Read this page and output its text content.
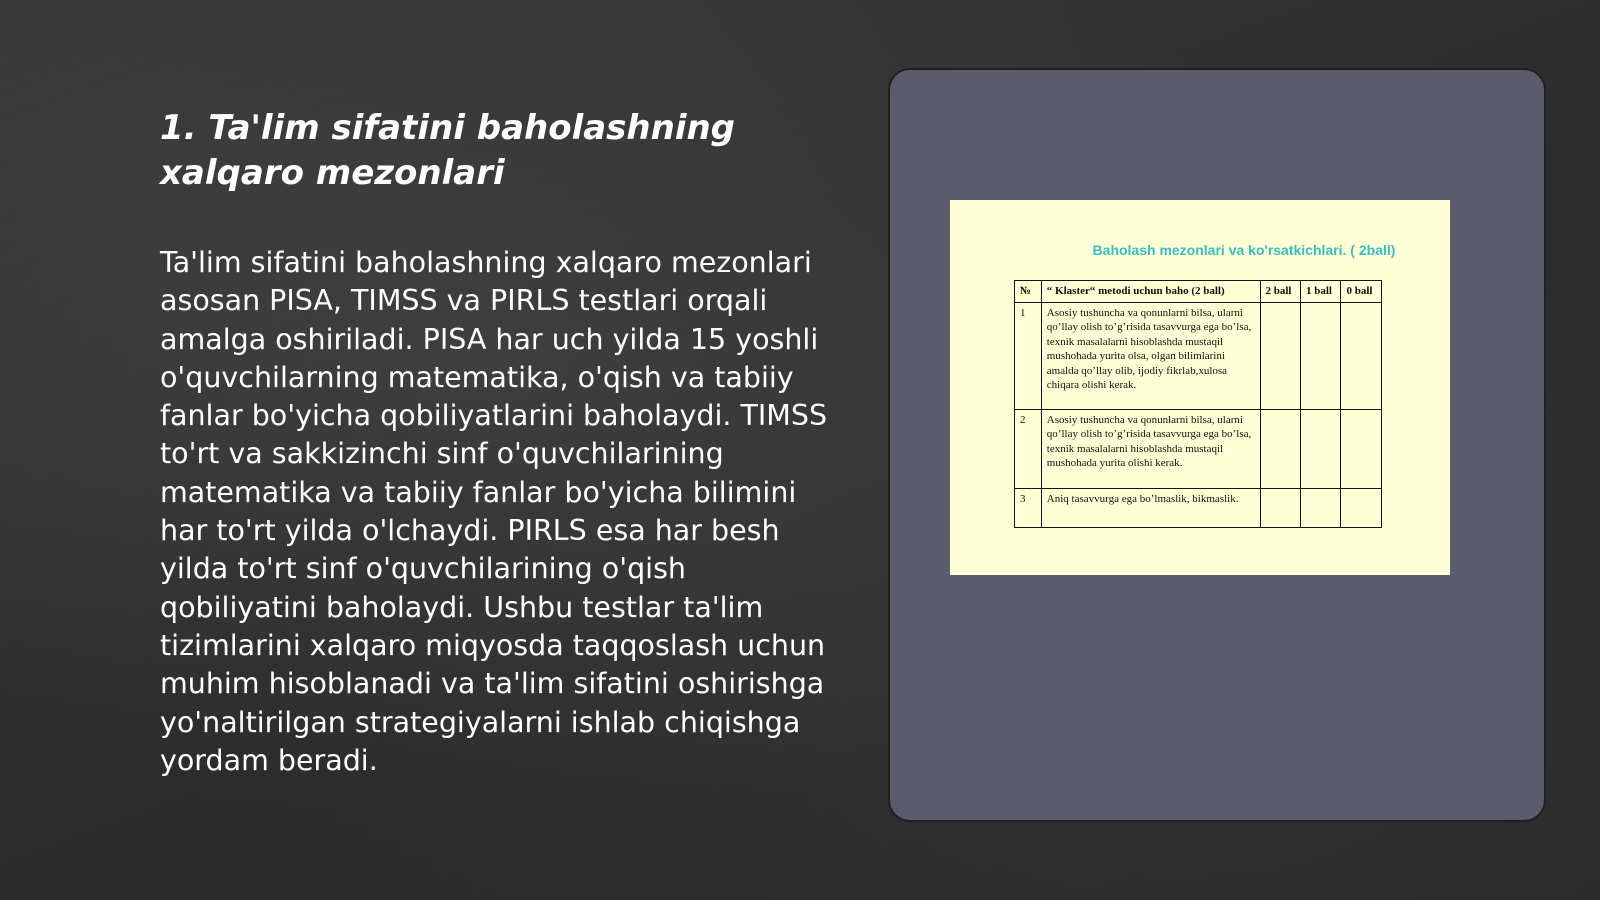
1. Ta'lim sifatini baholashning xalqaro mezonlari

Ta'lim sifatini baholashning xalqaro mezonlari asosan PISA, TIMSS va PIRLS testlari orqali amalga oshiriladi. PISA har uch yilda 15 yoshli o'quvchilarning matematika, o'qish va tabiiy fanlar bo'yicha qobiliyatlarini baholaydi. TIMSS to'rt va sakkizinchi sinf o'quvchilarining matematika va tabiiy fanlar bo'yicha bilimini har to'rt yilda o'lchaydi. PIRLS esa har besh yilda to'rt sinf o'quvchilarining o'qish qobiliyatini baholaydi. Ushbu testlar ta'lim tizimlarini xalqaro miqyosda taqqoslash uchun muhim hisoblanadi va ta'lim sifatini oshirishga yo'naltirilgan strategiyalarni ishlab chiqishga yordam beradi.

Baholash mezonlari va ko'rsatkichlari. ( 2ball)
№	“ Klaster“ metodi uchun baho (2 ball)	2 ball	1 ball	0 ball
1	Asosiy tushuncha va qonunlarni bilsa, ularni qo’llay olish to’g’risida tasavvurga ega bo’lsa, texnik masalalarni hisoblashda mustaqil mushohada yurita olsa, olgan bilimlarini amalda qo’llay olib, ijodiy fikrlab,xulosa chiqara olishi kerak.			
2	Asosiy tushuncha va qonunlarni bilsa, ularni qo’llay olish to’g’risida tasavvurga ega bo’lsa, texnik masalalarni hisoblashda mustaqil mushohada yurita olishi kerak.			
3	Aniq tasavvurga ega bo’lmaslik, bikmaslik.			
